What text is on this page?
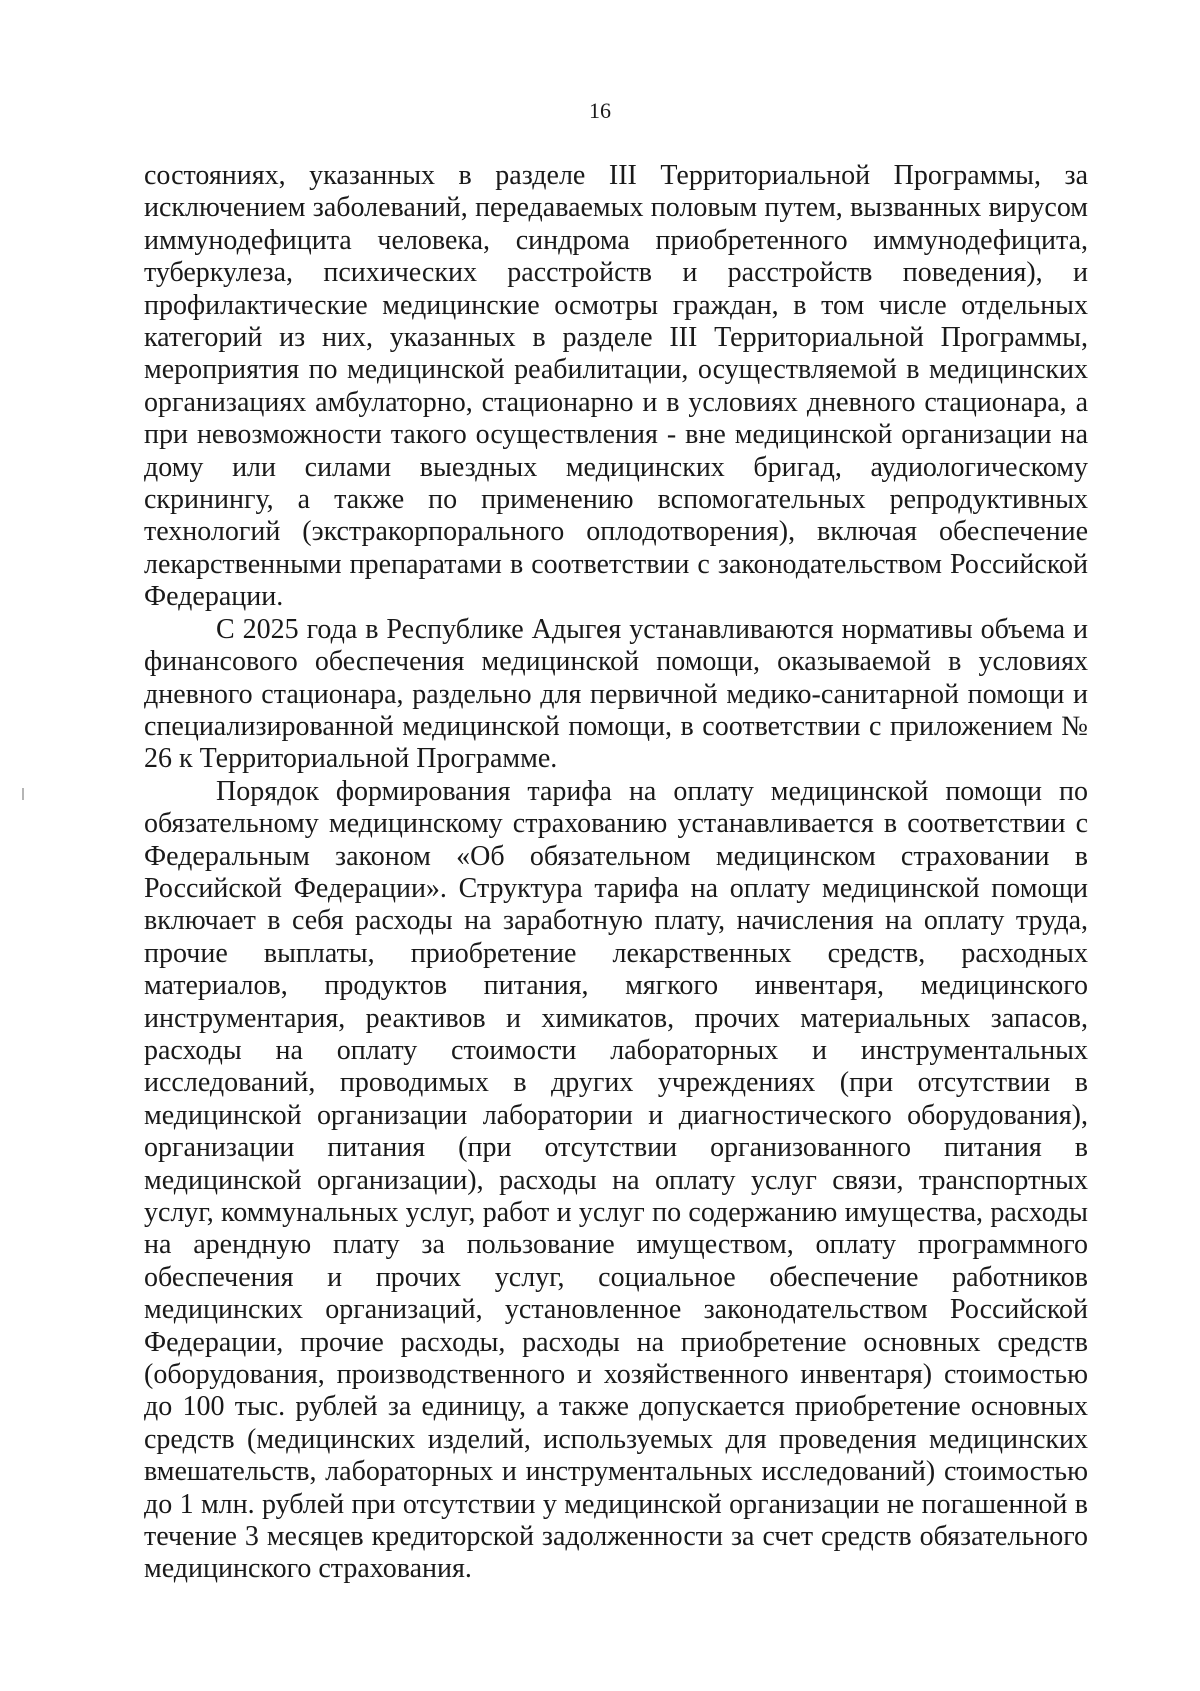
16

состояниях, указанных в разделе III Территориальной Программы, за исключением заболеваний, передаваемых половым путем, вызванных вирусом иммунодефицита человека, синдрома приобретенного иммунодефицита, туберкулеза, психических расстройств и расстройств поведения), и профилактические медицинские осмотры граждан, в том числе отдельных категорий из них, указанных в разделе III Территориальной Программы, мероприятия по медицинской реабилитации, осуществляемой в медицинских организациях амбулаторно, стационарно и в условиях дневного стационара, а при невозможности такого осуществления - вне медицинской организации на дому или силами выездных медицинских бригад, аудиологическому скринингу, а также по применению вспомогательных репродуктивных технологий (экстракорпорального оплодотворения), включая обеспечение лекарственными препаратами в соответствии с законодательством Российской Федерации.

С 2025 года в Республике Адыгея устанавливаются нормативы объема и финансового обеспечения медицинской помощи, оказываемой в условиях дневного стационара, раздельно для первичной медико-санитарной помощи и специализированной медицинской помощи, в соответствии с приложением № 26 к Территориальной Программе.

Порядок формирования тарифа на оплату медицинской помощи по обязательному медицинскому страхованию устанавливается в соответствии с Федеральным законом «Об обязательном медицинском страховании в Российской Федерации». Структура тарифа на оплату медицинской помощи включает в себя расходы на заработную плату, начисления на оплату труда, прочие выплаты, приобретение лекарственных средств, расходных материалов, продуктов питания, мягкого инвентаря, медицинского инструментария, реактивов и химикатов, прочих материальных запасов, расходы на оплату стоимости лабораторных и инструментальных исследований, проводимых в других учреждениях (при отсутствии в медицинской организации лаборатории и диагностического оборудования), организации питания (при отсутствии организованного питания в медицинской организации), расходы на оплату услуг связи, транспортных услуг, коммунальных услуг, работ и услуг по содержанию имущества, расходы на арендную плату за пользование имуществом, оплату программного обеспечения и прочих услуг, социальное обеспечение работников медицинских организаций, установленное законодательством Российской Федерации, прочие расходы, расходы на приобретение основных средств (оборудования, производственного и хозяйственного инвентаря) стоимостью до 100 тыс. рублей за единицу, а также допускается приобретение основных средств (медицинских изделий, используемых для проведения медицинских вмешательств, лабораторных и инструментальных исследований) стоимостью до 1 млн. рублей при отсутствии у медицинской организации не погашенной в течение 3 месяцев кредиторской задолженности за счет средств обязательного медицинского страхования.
